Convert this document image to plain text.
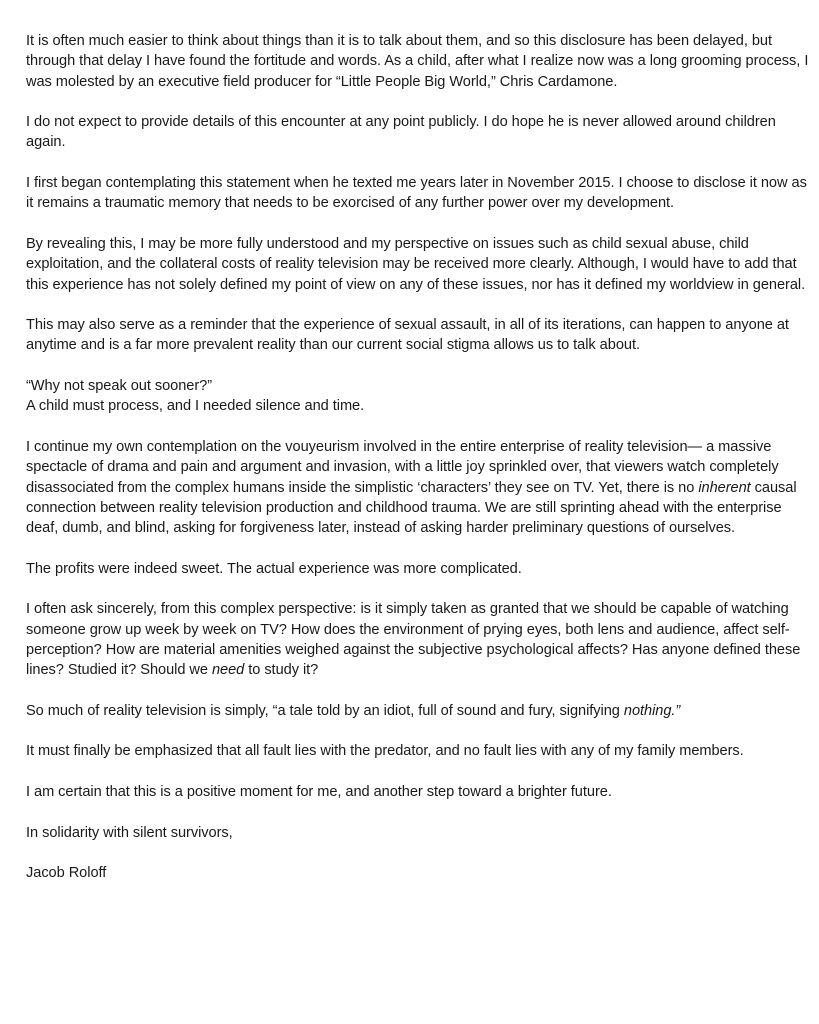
It is often much easier to think about things than it is to talk about them, and so this disclosure has been delayed, but through that delay I have found the fortitude and words. As a child, after what I realize now was a long grooming process, I was molested by an executive field producer for “Little People Big World,” Chris Cardamone.

I do not expect to provide details of this encounter at any point publicly. I do hope he is never allowed around children again.

I first began contemplating this statement when he texted me years later in November 2015. I choose to disclose it now as it remains a traumatic memory that needs to be exorcised of any further power over my development.

By revealing this, I may be more fully understood and my perspective on issues such as child sexual abuse, child exploitation, and the collateral costs of reality television may be received more clearly. Although, I would have to add that this experience has not solely defined my point of view on any of these issues, nor has it defined my worldview in general.

This may also serve as a reminder that the experience of sexual assault, in all of its iterations, can happen to anyone at anytime and is a far more prevalent reality than our current social stigma allows us to talk about.

“Why not speak out sooner?”

A child must process, and I needed silence and time.

I continue my own contemplation on the vouyeurism involved in the entire enterprise of reality television— a massive spectacle of drama and pain and argument and invasion, with a little joy sprinkled over, that viewers watch completely disassociated from the complex humans inside the simplistic ‘characters’ they see on TV. Yet, there is no inherent causal connection between reality television production and childhood trauma. We are still sprinting ahead with the enterprise deaf, dumb, and blind, asking for forgiveness later, instead of asking harder preliminary questions of ourselves.

The profits were indeed sweet. The actual experience was more complicated.

I often ask sincerely, from this complex perspective: is it simply taken as granted that we should be capable of watching someone grow up week by week on TV? How does the environment of prying eyes, both lens and audience, affect self-perception? How are material amenities weighed against the subjective psychological affects? Has anyone defined these lines? Studied it? Should we need to study it?

So much of reality television is simply, “a tale told by an idiot, full of sound and fury, signifying nothing.”

It must finally be emphasized that all fault lies with the predator, and no fault lies with any of my family members.

I am certain that this is a positive moment for me, and another step toward a brighter future.

In solidarity with silent survivors,

Jacob Roloff
